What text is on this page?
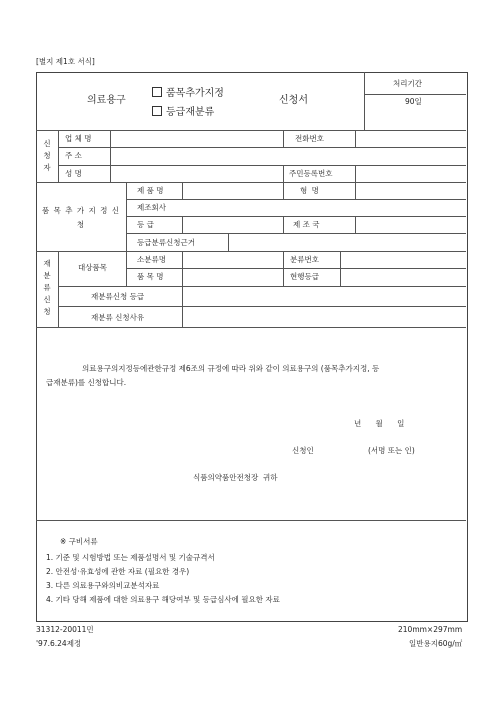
[별지 제1호 서식]
의료용구
품목추가지정
등급재분류
신청서
처리기간
90일
신
청
자
업 체 명	전화번호
주 소
성 명	주민등록번호
품 목 추 가 지 정 신 청
제 품 명	형 명
제조회사
등 급	제 조 국
등급분류신청근거
재
분
류
신
청
대상품목
소분류명	분류번호
품 목 명	현행등급
재분류신청 등급
재분류 신청사유
의료용구의지정등에관한규정 제6조의 규정에 따라 위와 같이 의료용구의 (품목추가지정, 등
급재분류)를 신청합니다.
년      월      일
신청인	(서명 또는 인)
식품의약품안전청장  귀하
※ 구비서류
1. 기준 및 시험방법 또는 제품설명서 및 기술규격서
2. 안전성·유효성에 관한 자료 (필요한 경우)
3. 다른 의료용구와의비교분석자료
4. 기타 당해 제품에 대한 의료용구 해당여부 및 등급심사에 필요한 자료
31312-20011민
'97.6.24제정
210mm×297mm
일반용지60g/㎡
